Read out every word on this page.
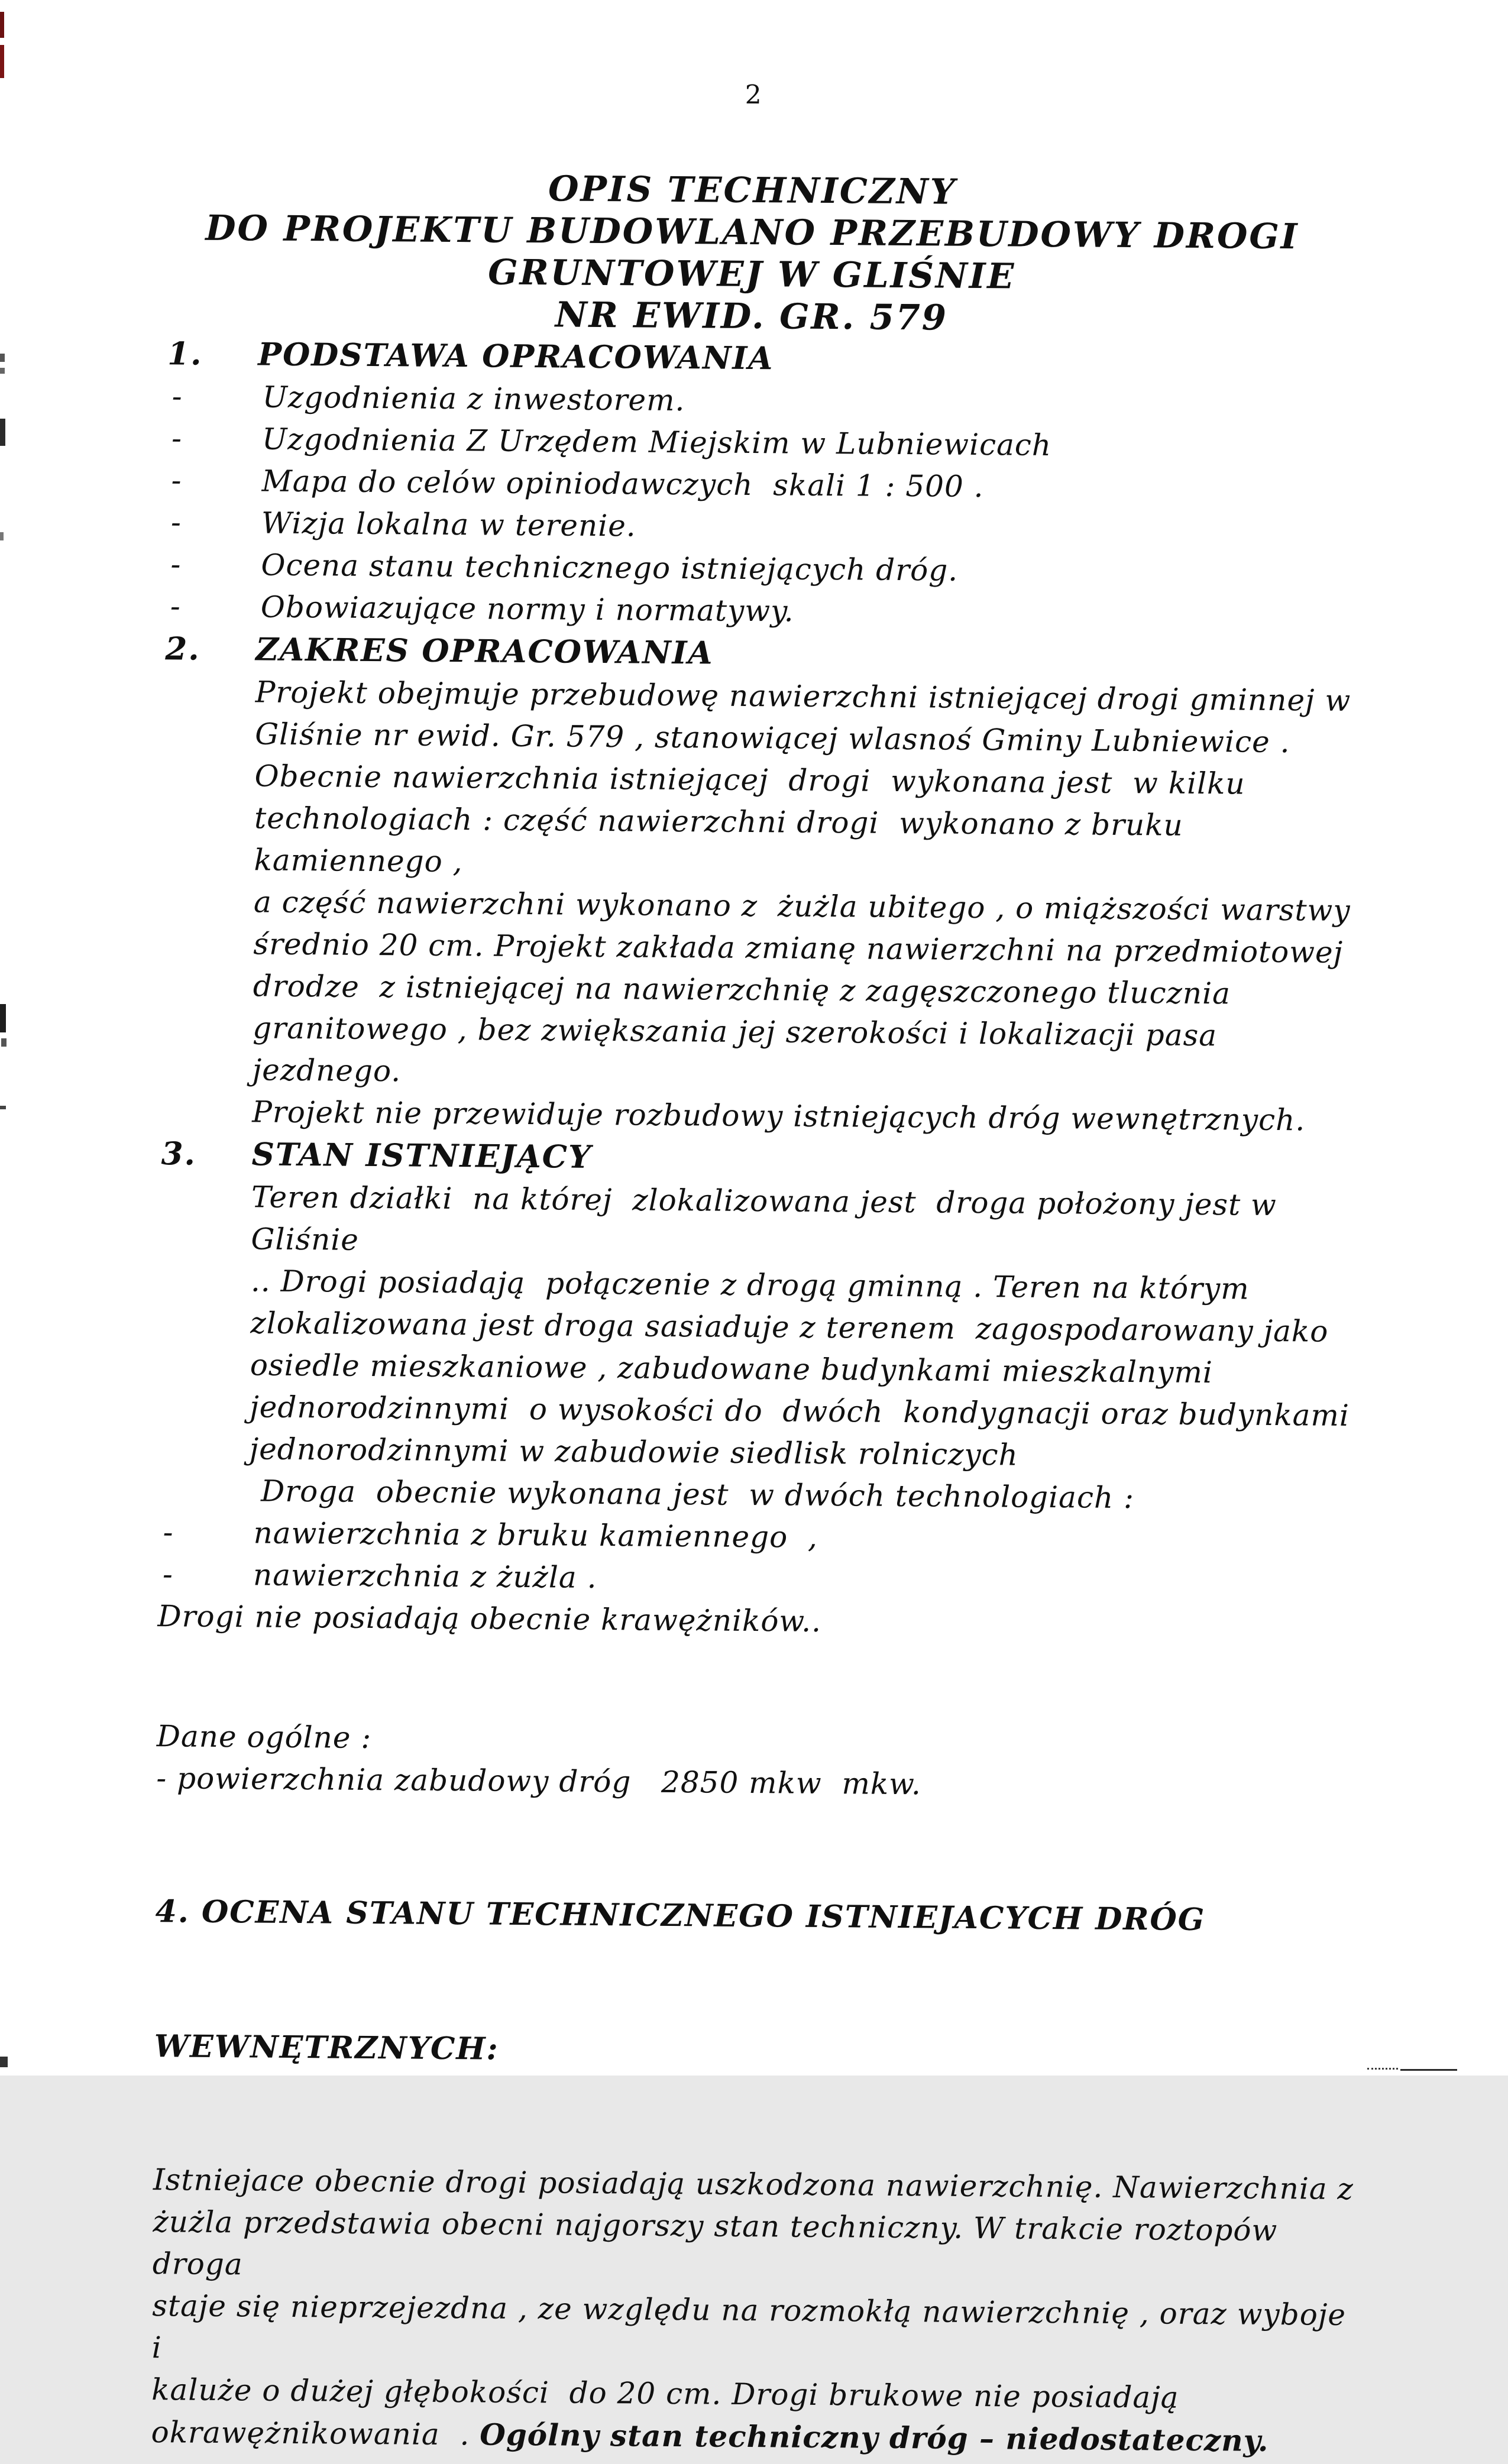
2
OPIS TECHNICZNY
DO PROJEKTU BUDOWLANO PRZEBUDOWY DROGI
GRUNTOWEJ W GLIŚNIE
NR EWID. GR. 579
1.	PODSTAWA OPRACOWANIA
-	Uzgodnienia z inwestorem.
-	Uzgodnienia Z Urzędem Miejskim w Lubniewicach
-	Mapa do celów opiniodawczych  skali 1 : 500 .
-	Wizja lokalna w terenie.
-	Ocena stanu technicznego istniejących dróg.
-	Obowiazujące normy i normatywy.
2.	ZAKRES OPRACOWANIA
Projekt obejmuje przebudowę nawierzchni istniejącej drogi gminnej w
Gliśnie nr ewid. Gr. 579 , stanowiącej wlasnoś Gminy Lubniewice .
Obecnie nawierzchnia istniejącej  drogi  wykonana jest  w kilku
technologiach : część nawierzchni drogi  wykonano z bruku kamiennego ,
a część nawierzchni wykonano z  żużla ubitego , o miąższości warstwy
średnio 20 cm. Projekt zakłada zmianę nawierzchni na przedmiotowej
drodze  z istniejącej na nawierzchnię z zagęszczonego tlucznia
granitowego , bez zwiększania jej szerokości i lokalizacji pasa jezdnego.
Projekt nie przewiduje rozbudowy istniejących dróg wewnętrznych.
3.	STAN ISTNIEJĄCY
Teren działki  na której  zlokalizowana jest  droga położony jest w Gliśnie
.. Drogi posiadają  połączenie z drogą gminną . Teren na którym
zlokalizowana jest droga sasiaduje z terenem  zagospodarowany jako
osiedle mieszkaniowe , zabudowane budynkami mieszkalnymi
jednorodzinnymi  o wysokości do  dwóch  kondygnacji oraz budynkami
jednorodzinnymi w zabudowie siedlisk rolniczych
Droga  obecnie wykonana jest  w dwóch technologiach :
-	nawierzchnia z bruku kamiennego  ,
-	nawierzchnia z żużla .
Drogi nie posiadają obecnie krawężników..
Dane ogólne :
- powierzchnia zabudowy dróg   2850 mkw  mkw.

4. OCENA STANU TECHNICZNEGO ISTNIEJACYCH DRÓG

WEWNĘTRZNYCH:

Istniejace obecnie drogi posiadają uszkodzona nawierzchnię. Nawierzchnia z
żużla przedstawia obecni najgorszy stan techniczny. W trakcie roztopów droga
staje się nieprzejezdna , ze względu na rozmokłą nawierzchnię , oraz wyboje i
kaluże o dużej głębokości  do 20 cm. Drogi brukowe nie posiadają
okrawężnikowania  . Ogólny stan techniczny dróg – niedostateczny.
